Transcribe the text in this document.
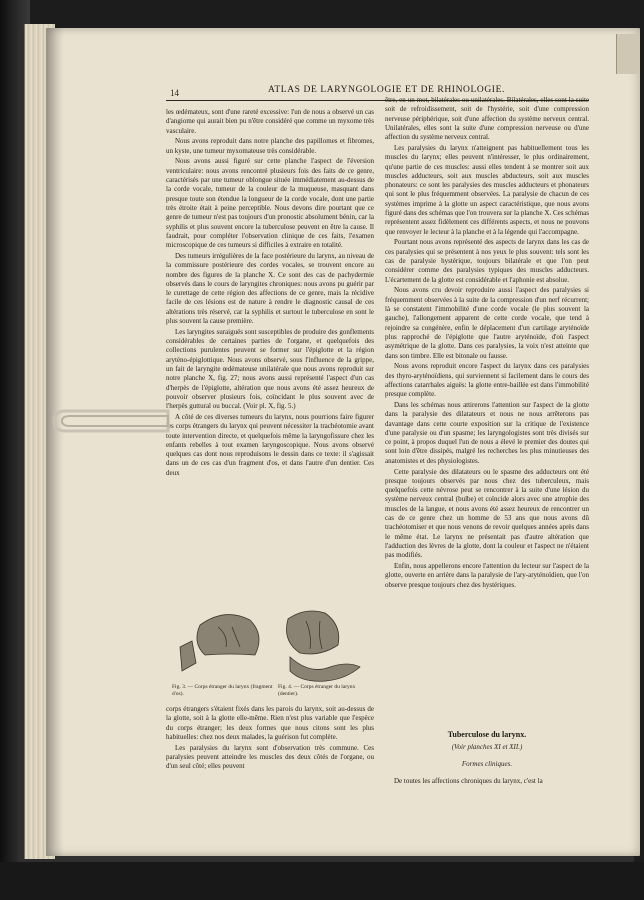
14	ATLAS DE LARYNGOLOGIE ET DE RHINOLOGIE.

les œdémateux, sont d'une rareté excessive: l'un de nous a observé un cas d'angiome qui aurait bien pu n'être considéré que comme un myxome très vasculaire.

Nous avons reproduit dans notre planche des papillomes et fibromes, un kyste, une tumeur myxomateuse très considérable.

Nous avons aussi figuré sur cette planche l'aspect de l'éversion ventriculaire: nous avons rencontré plusieurs fois des faits de ce genre, caractérisés par une tumeur oblongue située immédiatement au-dessus de la corde vocale, tumeur de la couleur de la muqueuse, masquant dans presque toute son étendue la longueur de la corde vocale, dont une partie très étroite était à peine perceptible. Nous devons dire pourtant que ce genre de tumeur n'est pas toujours d'un pronostic absolument bénin, car la syphilis et plus souvent encore la tuberculose peuvent en être la cause. Il faudrait, pour compléter l'observation clinique de ces faits, l'examen microscopique de ces tumeurs si difficiles à extraire en totalité.

Des tumeurs irrégulières de la face postérieure du larynx, au niveau de la commissure postérieure des cordes vocales, se trouvent encore au nombre des figures de la planche X. Ce sont des cas de pachydermie observés dans le cours de laryngites chroniques: nous avons pu guérir par le curettage de cette région des affections de ce genre, mais la récidive facile de ces lésions est de nature à rendre le diagnostic causal de ces altérations très réservé, car la syphilis et surtout le tuberculose en sont le plus souvent la cause première.

Les laryngites suraiguës sont susceptibles de produire des gonflements considérables de certaines parties de l'organe, et quelquefois des collections purulentes peuvent se former sur l'épiglotte et la région aryténo-épiglottique. Nous avons observé, sous l'influence de la grippe, un fait de laryngite œdémateuse unilatérale que nous avons reproduit sur notre planche X, fig. 27; nous avons aussi représenté l'aspect d'un cas d'herpès de l'épiglotte, altération que nous avons été assez heureux de pouvoir observer plusieurs fois, coïncidant le plus souvent avec de l'herpès guttural ou buccal. (Voir pl. X, fig. 5.)

A côté de ces diverses tumeurs du larynx, nous pourrions faire figurer les corps étrangers du larynx qui peuvent nécessiter la trachéotomie avant toute intervention directe, et quelquefois même la laryngofissure chez les enfants rebelles à tout examen laryngoscopique. Nous avons observé quelques cas dont nous reproduisons le dessin dans ce texte: il s'agissait dans un de ces cas d'un fragment d'os, et dans l'autre d'un dentier. Ces deux

Fig. 3. — Corps étranger du larynx (fragment d'os).
Fig. 4. — Corps étranger du larynx (dentier).

corps étrangers s'étaient fixés dans les parois du larynx, soit au-dessus de la glotte, soit à la glotte elle-même. Rien n'est plus variable que l'espèce du corps étranger; les deux formes que nous citons sont les plus habituelles: chez nos deux malades, la guérison fut complète.

Les paralysies du larynx sont d'observation très commune. Ces paralysies peuvent atteindre les muscles des deux côtés de l'organe, ou d'un seul côté; elles peuvent

être, en un mot, bilatérales ou unilatérales. Bilatérales, elles sont la suite soit de refroidissement, soit de l'hystérie, soit d'une compression nerveuse périphérique, soit d'une affection du système nerveux central. Unilatérales, elles sont la suite d'une compression nerveuse ou d'une affection du système nerveux central.

Les paralysies du larynx n'atteignent pas habituellement tous les muscles du larynx; elles peuvent n'intéresser, le plus ordinairement, qu'une partie de ces muscles: aussi elles tendent à se montrer soit aux muscles adducteurs, soit aux muscles abducteurs, soit aux muscles phonateurs: ce sont les paralysies des muscles adducteurs et phonateurs qui sont le plus fréquemment observées. La paralysie de chacun de ces systèmes imprime à la glotte un aspect caractéristique, que nous avons figuré dans des schémas que l'on trouvera sur la planche X. Ces schémas représentent assez fidèlement ces différents aspects, et nous ne pouvons que renvoyer le lecteur à la planche et à la légende qui l'accompagne.

Pourtant nous avons représenté des aspects de larynx dans les cas de ces paralysies qui se présentent à nos yeux le plus souvent: tels sont les cas de paralysie hystérique, toujours bilatérale et que l'on peut considérer comme des paralysies typiques des muscles adducteurs. L'écartement de la glotte est considérable et l'aphonie est absolue.

Nous avons cru devoir reproduire aussi l'aspect des paralysies si fréquemment observées à la suite de la compression d'un nerf récurrent; là se constatent l'immobilité d'une corde vocale (le plus souvent la gauche), l'allongement apparent de cette corde vocale, que tend à rejoindre sa congénère, enfin le déplacement d'un cartilage aryténoïde plus rapproché de l'épiglotte que l'autre aryténoïde, d'où l'aspect asymétrique de la glotte. Dans ces paralysies, la voix n'est atteinte que dans son timbre. Elle est bitonale ou fausse.

Nous avons reproduit encore l'aspect du larynx dans ces paralysies des thyro-aryténoïdiens, qui surviennent si facilement dans le cours des affections catarrhales aiguës: la glotte entre-baillée est dans l'immobilité presque complète.

Dans les schémas nous attirerons l'attention sur l'aspect de la glotte dans la paralysie des dilatateurs et nous ne nous arrêterons pas davantage dans cette courte exposition sur la critique de l'existence d'une paralysie ou d'un spasme; les laryngologistes sont très divisés sur ce point, à propos duquel l'un de nous a élevé le premier des doutes qui sont loin d'être dissipés, malgré les recherches les plus minutieuses des anatomistes et des physiologistes.

Cette paralysie des dilatateurs ou le spasme des adducteurs ont été presque toujours observés par nous chez des tuberculeux, mais quelquefois cette névrose peut se rencontrer à la suite d'une lésion du système nerveux central (bulbe) et coïncide alors avec une atrophie des muscles de la langue, et nous avons été assez heureux de rencontrer un cas de ce genre chez un homme de 53 ans que nous avons dû trachéotomiser et que nous venons de revoir quelques années après dans le même état. Le larynx ne présentait pas d'autre altération que l'adduction des lèvres de la glotte, dont la couleur et l'aspect ne n'étaient pas modifiés.

Enfin, nous appellerons encore l'attention du lecteur sur l'aspect de la glotte, ouverte en arrière dans la paralysie de l'ary-aryténoïdien, que l'on observe presque toujours chez des hystériques.

Tuberculose du larynx.
(Voir planches XI et XII.)
Formes cliniques.

De toutes les affections chroniques du larynx, c'est la
